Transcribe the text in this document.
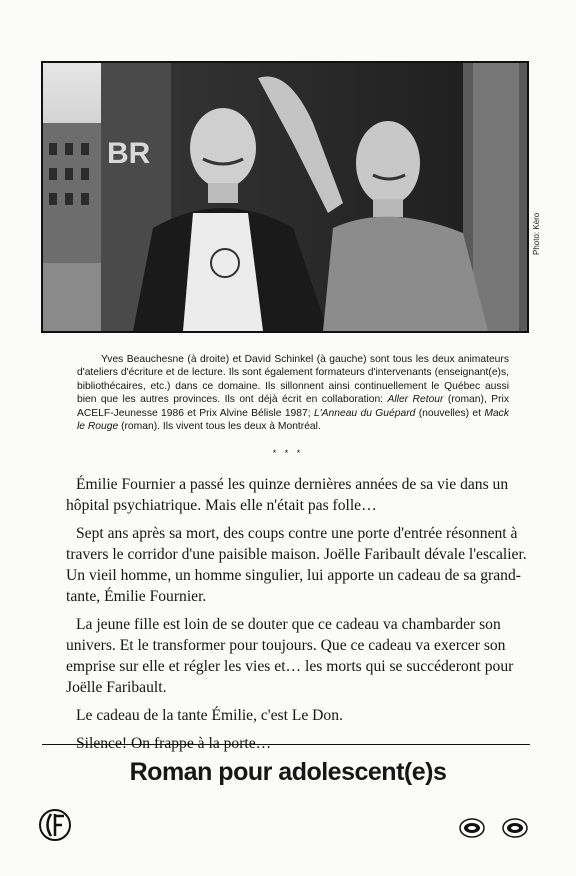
BR
Photo: Kèro
Yves Beauchesne (à droite) et David Schinkel (à gauche) sont tous les deux animateurs d'ateliers d'écriture et de lecture. Ils sont également formateurs d'intervenants (enseignant(e)s, bibliothécaires, etc.) dans ce domaine. Ils sillonnent ainsi continuellement le Québec aussi bien que les autres provinces. Ils ont déjà écrit en collaboration: Aller Retour (roman), Prix ACELF-Jeunesse 1986 et Prix Alvine Bélisle 1987; L'Anneau du Guépard (nouvelles) et Mack le Rouge (roman). Ils vivent tous les deux à Montréal.
* * *

Émilie Fournier a passé les quinze dernières années de sa vie dans un hôpital psychiatrique. Mais elle n'était pas folle…

Sept ans après sa mort, des coups contre une porte d'entrée résonnent à travers le corridor d'une paisible maison. Joëlle Faribault dévale l'escalier. Un vieil homme, un homme singulier, lui apporte un cadeau de sa grand-tante, Émilie Fournier.

La jeune fille est loin de se douter que ce cadeau va chambarder son univers. Et le transformer pour toujours. Que ce cadeau va exercer son emprise sur elle et régler les vies et… les morts qui se succéderont pour Joëlle Faribault.

Le cadeau de la tante Émilie, c'est Le Don.

Silence! On frappe à la porte…

Roman pour adolescent(e)s
